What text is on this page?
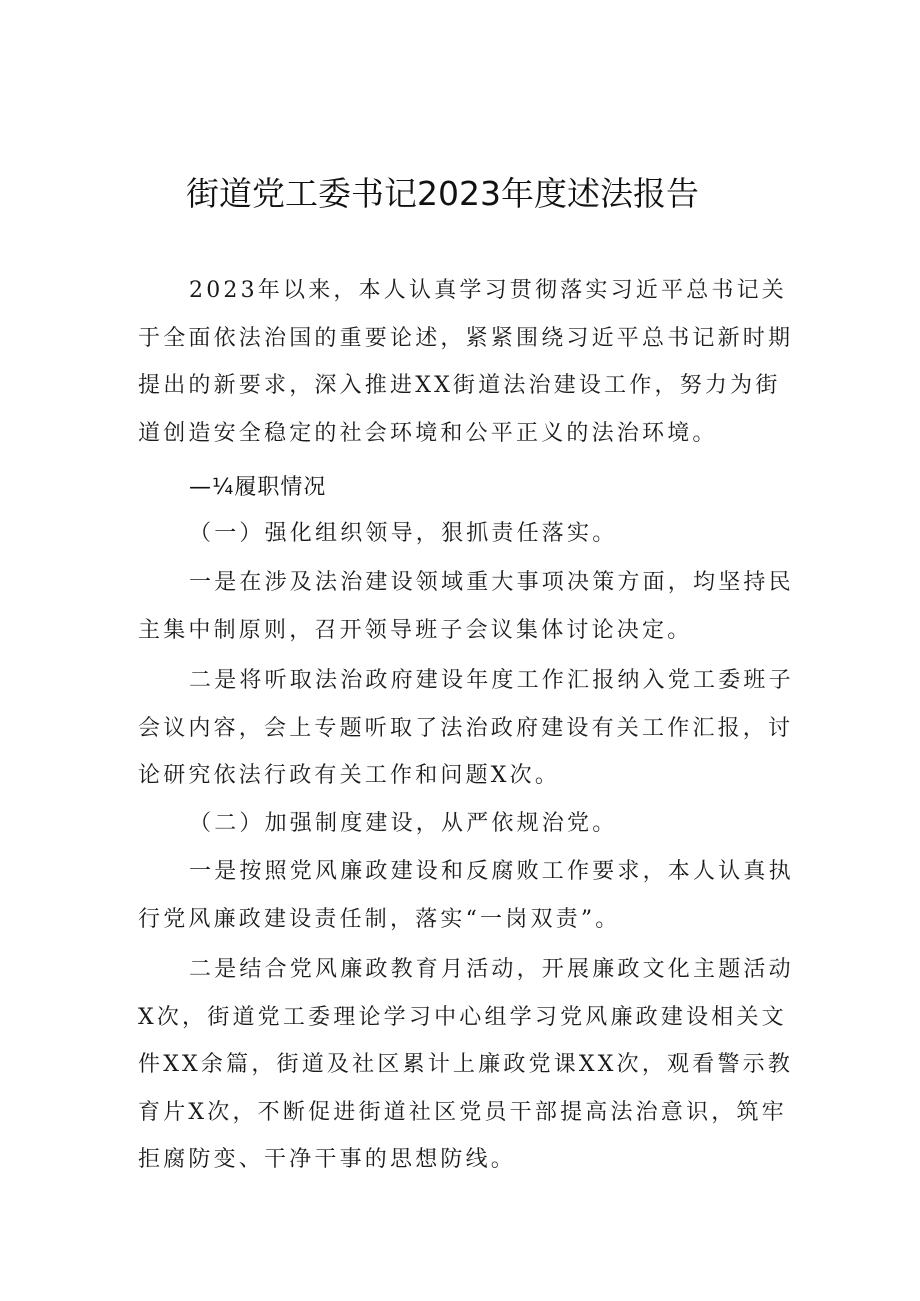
街道党工委书记2023年度述法报告

2023年以来，本人认真学习贯彻落实习近平总书记关于全面依法治国的重要论述，紧紧围绕习近平总书记新时期提出的新要求，深入推进XX街道法治建设工作，努力为街道创造安全稳定的社会环境和公平正义的法治环境。

—¼履职情况

（一）强化组织领导，狠抓责任落实。

一是在涉及法治建设领域重大事项决策方面，均坚持民主集中制原则，召开领导班子会议集体讨论决定。

二是将听取法治政府建设年度工作汇报纳入党工委班子会议内容，会上专题听取了法治政府建设有关工作汇报，讨论研究依法行政有关工作和问题X次。

（二）加强制度建设，从严依规治党。

一是按照党风廉政建设和反腐败工作要求，本人认真执行党风廉政建设责任制，落实“一岗双责”。

二是结合党风廉政教育月活动，开展廉政文化主题活动X次，街道党工委理论学习中心组学习党风廉政建设相关文件XX余篇，街道及社区累计上廉政党课XX次，观看警示教育片X次，不断促进街道社区党员干部提高法治意识，筑牢拒腐防变、干净干事的思想防线。
